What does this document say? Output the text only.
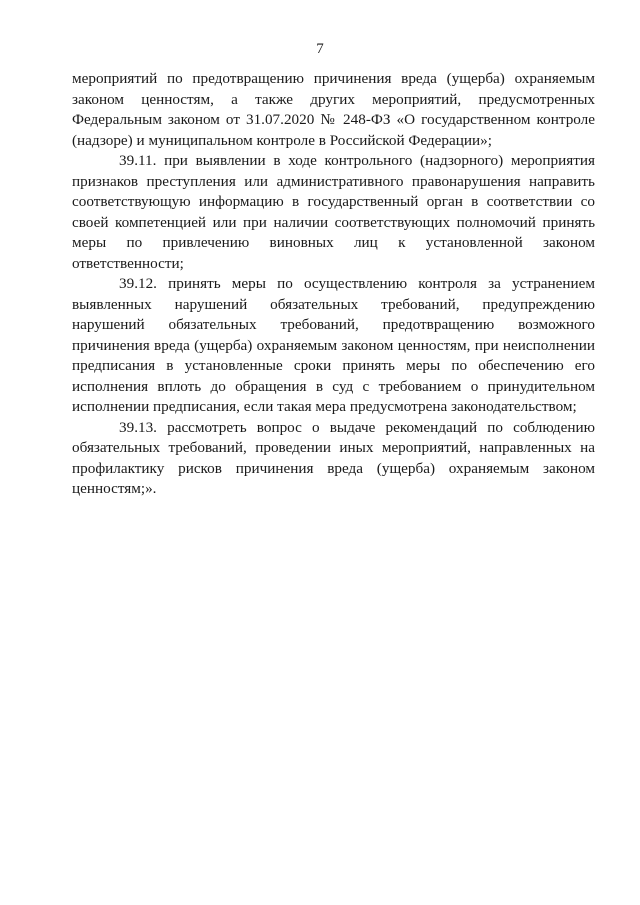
7

мероприятий по предотвращению причинения вреда (ущерба) охраняемым законом ценностям, а также других мероприятий, предусмотренных Федеральным законом от 31.07.2020 № 248-ФЗ «О государственном контроле (надзоре) и муниципальном контроле в Российской Федерации»;

39.11. при выявлении в ходе контрольного (надзорного) мероприятия признаков преступления или административного правонарушения направить соответствующую информацию в государственный орган в соответствии со своей компетенцией или при наличии соответствующих полномочий принять меры по привлечению виновных лиц к установленной законом ответственности;

39.12. принять меры по осуществлению контроля за устранением выявленных нарушений обязательных требований, предупреждению нарушений обязательных требований, предотвращению возможного причинения вреда (ущерба) охраняемым законом ценностям, при неисполнении предписания в установленные сроки принять меры по обеспечению его исполнения вплоть до обращения в суд с требованием о принудительном исполнении предписания, если такая мера предусмотрена законодательством;

39.13. рассмотреть вопрос о выдаче рекомендаций по соблюдению обязательных требований, проведении иных мероприятий, направленных на профилактику рисков причинения вреда (ущерба) охраняемым законом ценностям;».
